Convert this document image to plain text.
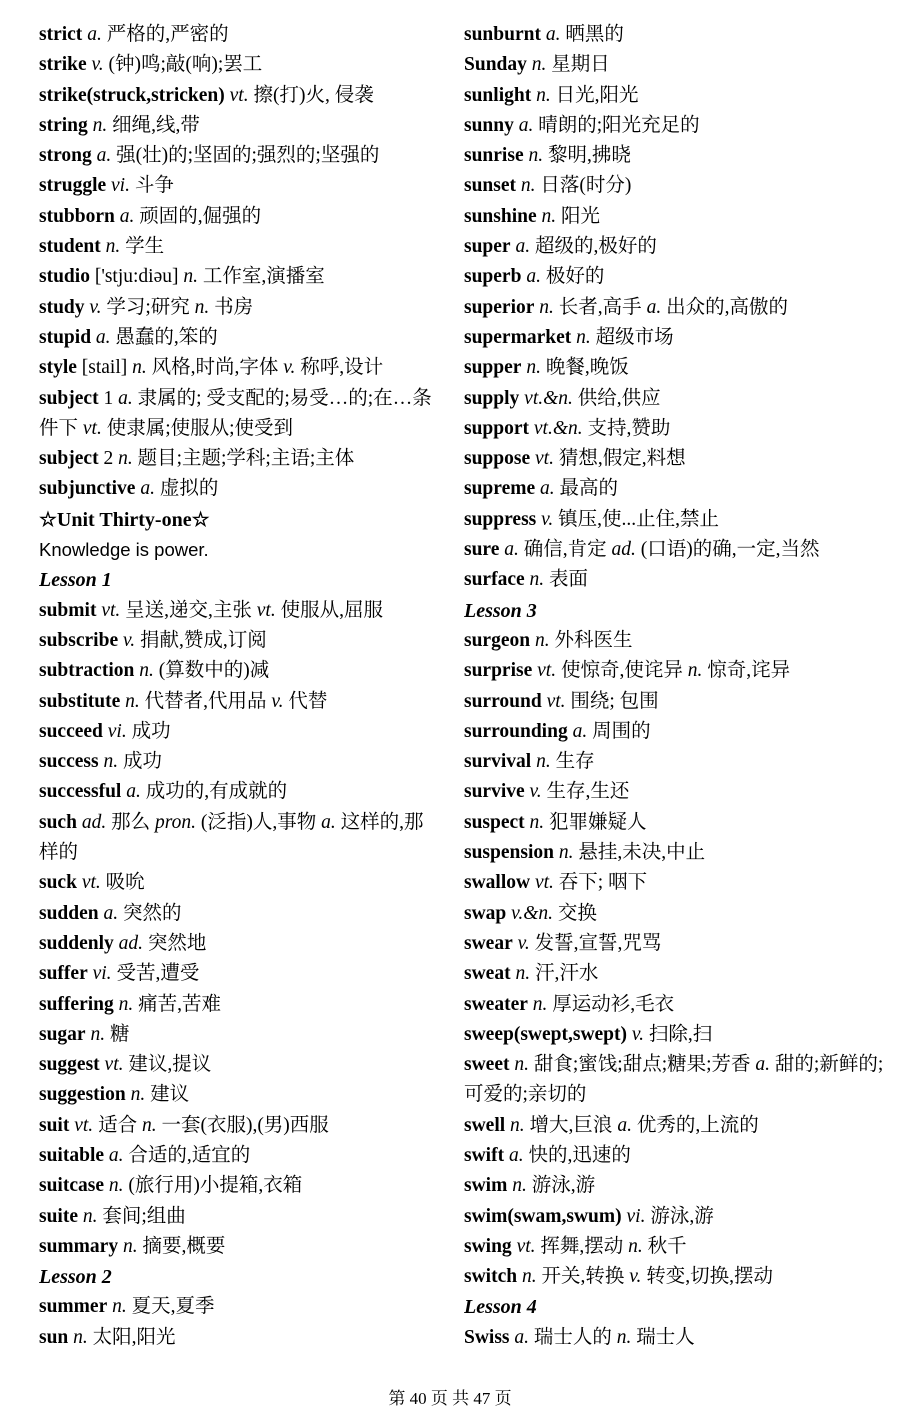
strict a. 严格的,严密的
strike v. (钟)鸣;敲(响);罢工
strike(struck,stricken) vt. 擦(打)火, 侵袭
string n. 细绳,线,带
strong a. 强(壮)的;坚固的;强烈的;坚强的
struggle vi. 斗争
stubborn a. 顽固的,倔强的
student n. 学生
studio ['stju:diəu] n. 工作室,演播室
study v. 学习;研究 n. 书房
stupid a. 愚蠢的,笨的
style [stail] n. 风格,时尚,字体 v. 称呼,设计
subject 1 a. 隶属的; 受支配的;易受…的;在…条件下 vt. 使隶属;使服从;使受到
subject 2 n. 题目;主题;学科;主语;主体
subjunctive a. 虚拟的
☆Unit Thirty-one☆
Knowledge is power.
Lesson 1
submit vt. 呈送,递交,主张 vt. 使服从,屈服
subscribe v. 捐献,赞成,订阅
subtraction n. (算数中的)减
substitute n. 代替者,代用品 v. 代替
succeed vi. 成功
success n. 成功
successful a. 成功的,有成就的
such ad. 那么 pron. (泛指)人,事物 a. 这样的,那样的
suck vt. 吸吮
sudden a. 突然的
suddenly ad. 突然地
suffer vi. 受苦,遭受
suffering n. 痛苦,苦难
sugar n. 糖
suggest vt. 建议,提议
suggestion n. 建议
suit vt. 适合 n. 一套(衣服),(男)西服
suitable a. 合适的,适宜的
suitcase n. (旅行用)小提箱,衣箱
suite n. 套间;组曲
summary n. 摘要,概要
Lesson 2
summer n. 夏天,夏季
sun n. 太阳,阳光
sunburnt a. 晒黑的
Sunday n. 星期日
sunlight n. 日光,阳光
sunny a. 晴朗的;阳光充足的
sunrise n. 黎明,拂晓
sunset n. 日落(时分)
sunshine n. 阳光
super a. 超级的,极好的
superb a. 极好的
superior n. 长者,高手 a. 出众的,高傲的
supermarket n. 超级市场
supper n. 晚餐,晚饭
supply vt.&n. 供给,供应
support vt.&n. 支持,赞助
suppose vt. 猜想,假定,料想
supreme a. 最高的
suppress v. 镇压,使...止住,禁止
sure a. 确信,肯定 ad. (口语)的确,一定,当然
surface n. 表面
Lesson 3
surgeon n. 外科医生
surprise vt. 使惊奇,使诧异 n. 惊奇,诧异
surround vt. 围绕; 包围
surrounding a. 周围的
survival n. 生存
survive v. 生存,生还
suspect n. 犯罪嫌疑人
suspension n. 悬挂,未决,中止
swallow vt. 吞下; 咽下
swap v.&n. 交换
swear v. 发誓,宣誓,咒骂
sweat n. 汗,汗水
sweater n. 厚运动衫,毛衣
sweep(swept,swept) v. 扫除,扫
sweet n. 甜食;蜜饯;甜点;糖果;芳香 a. 甜的;新鲜的;可爱的;亲切的
swell n. 增大,巨浪 a. 优秀的,上流的
swift a. 快的,迅速的
swim n. 游泳,游
swim(swam,swum) vi. 游泳,游
swing vt. 挥舞,摆动 n. 秋千
switch n. 开关,转换 v. 转变,切换,摆动
Lesson 4
Swiss a. 瑞士人的 n. 瑞士人
第 40 页 共 47 页
